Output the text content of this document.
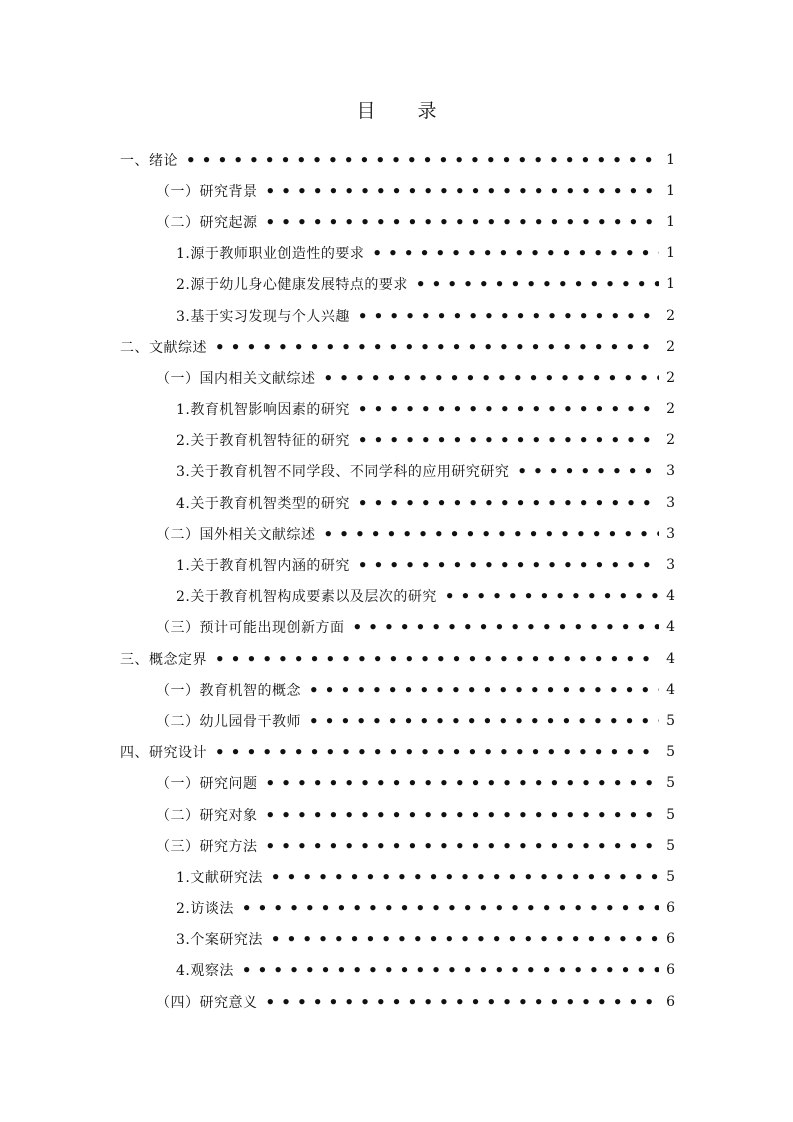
目 录
一、绪论 •••••	1
（一）研究背景 •••••	1
（二）研究起源 •••••	1
1.源于教师职业创造性的要求 •••••	1
2.源于幼儿身心健康发展特点的要求 •••••	1
3.基于实习发现与个人兴趣 •••••	2
二、文献综述 •••••	2
（一）国内相关文献综述 •••••	2
1.教育机智影响因素的研究 •••••	2
2.关于教育机智特征的研究 •••••	2
3.关于教育机智不同学段、不同学科的应用研究研究 •••••	3
4.关于教育机智类型的研究 •••••	3
（二）国外相关文献综述 •••••	3
1.关于教育机智内涵的研究 •••••	3
2.关于教育机智构成要素以及层次的研究 •••••	4
（三）预计可能出现创新方面 •••••	4
三、概念定界 •••••	4
（一）教育机智的概念 •••••	4
（二）幼儿园骨干教师 •••••	5
四、研究设计 •••••	5
（一）研究问题 •••••	5
（二）研究对象 •••••	5
（三）研究方法 •••••	5
1.文献研究法 •••••	5
2.访谈法 •••••	6
3.个案研究法 •••••	6
4.观察法 •••••	6
（四）研究意义 •••••	6
